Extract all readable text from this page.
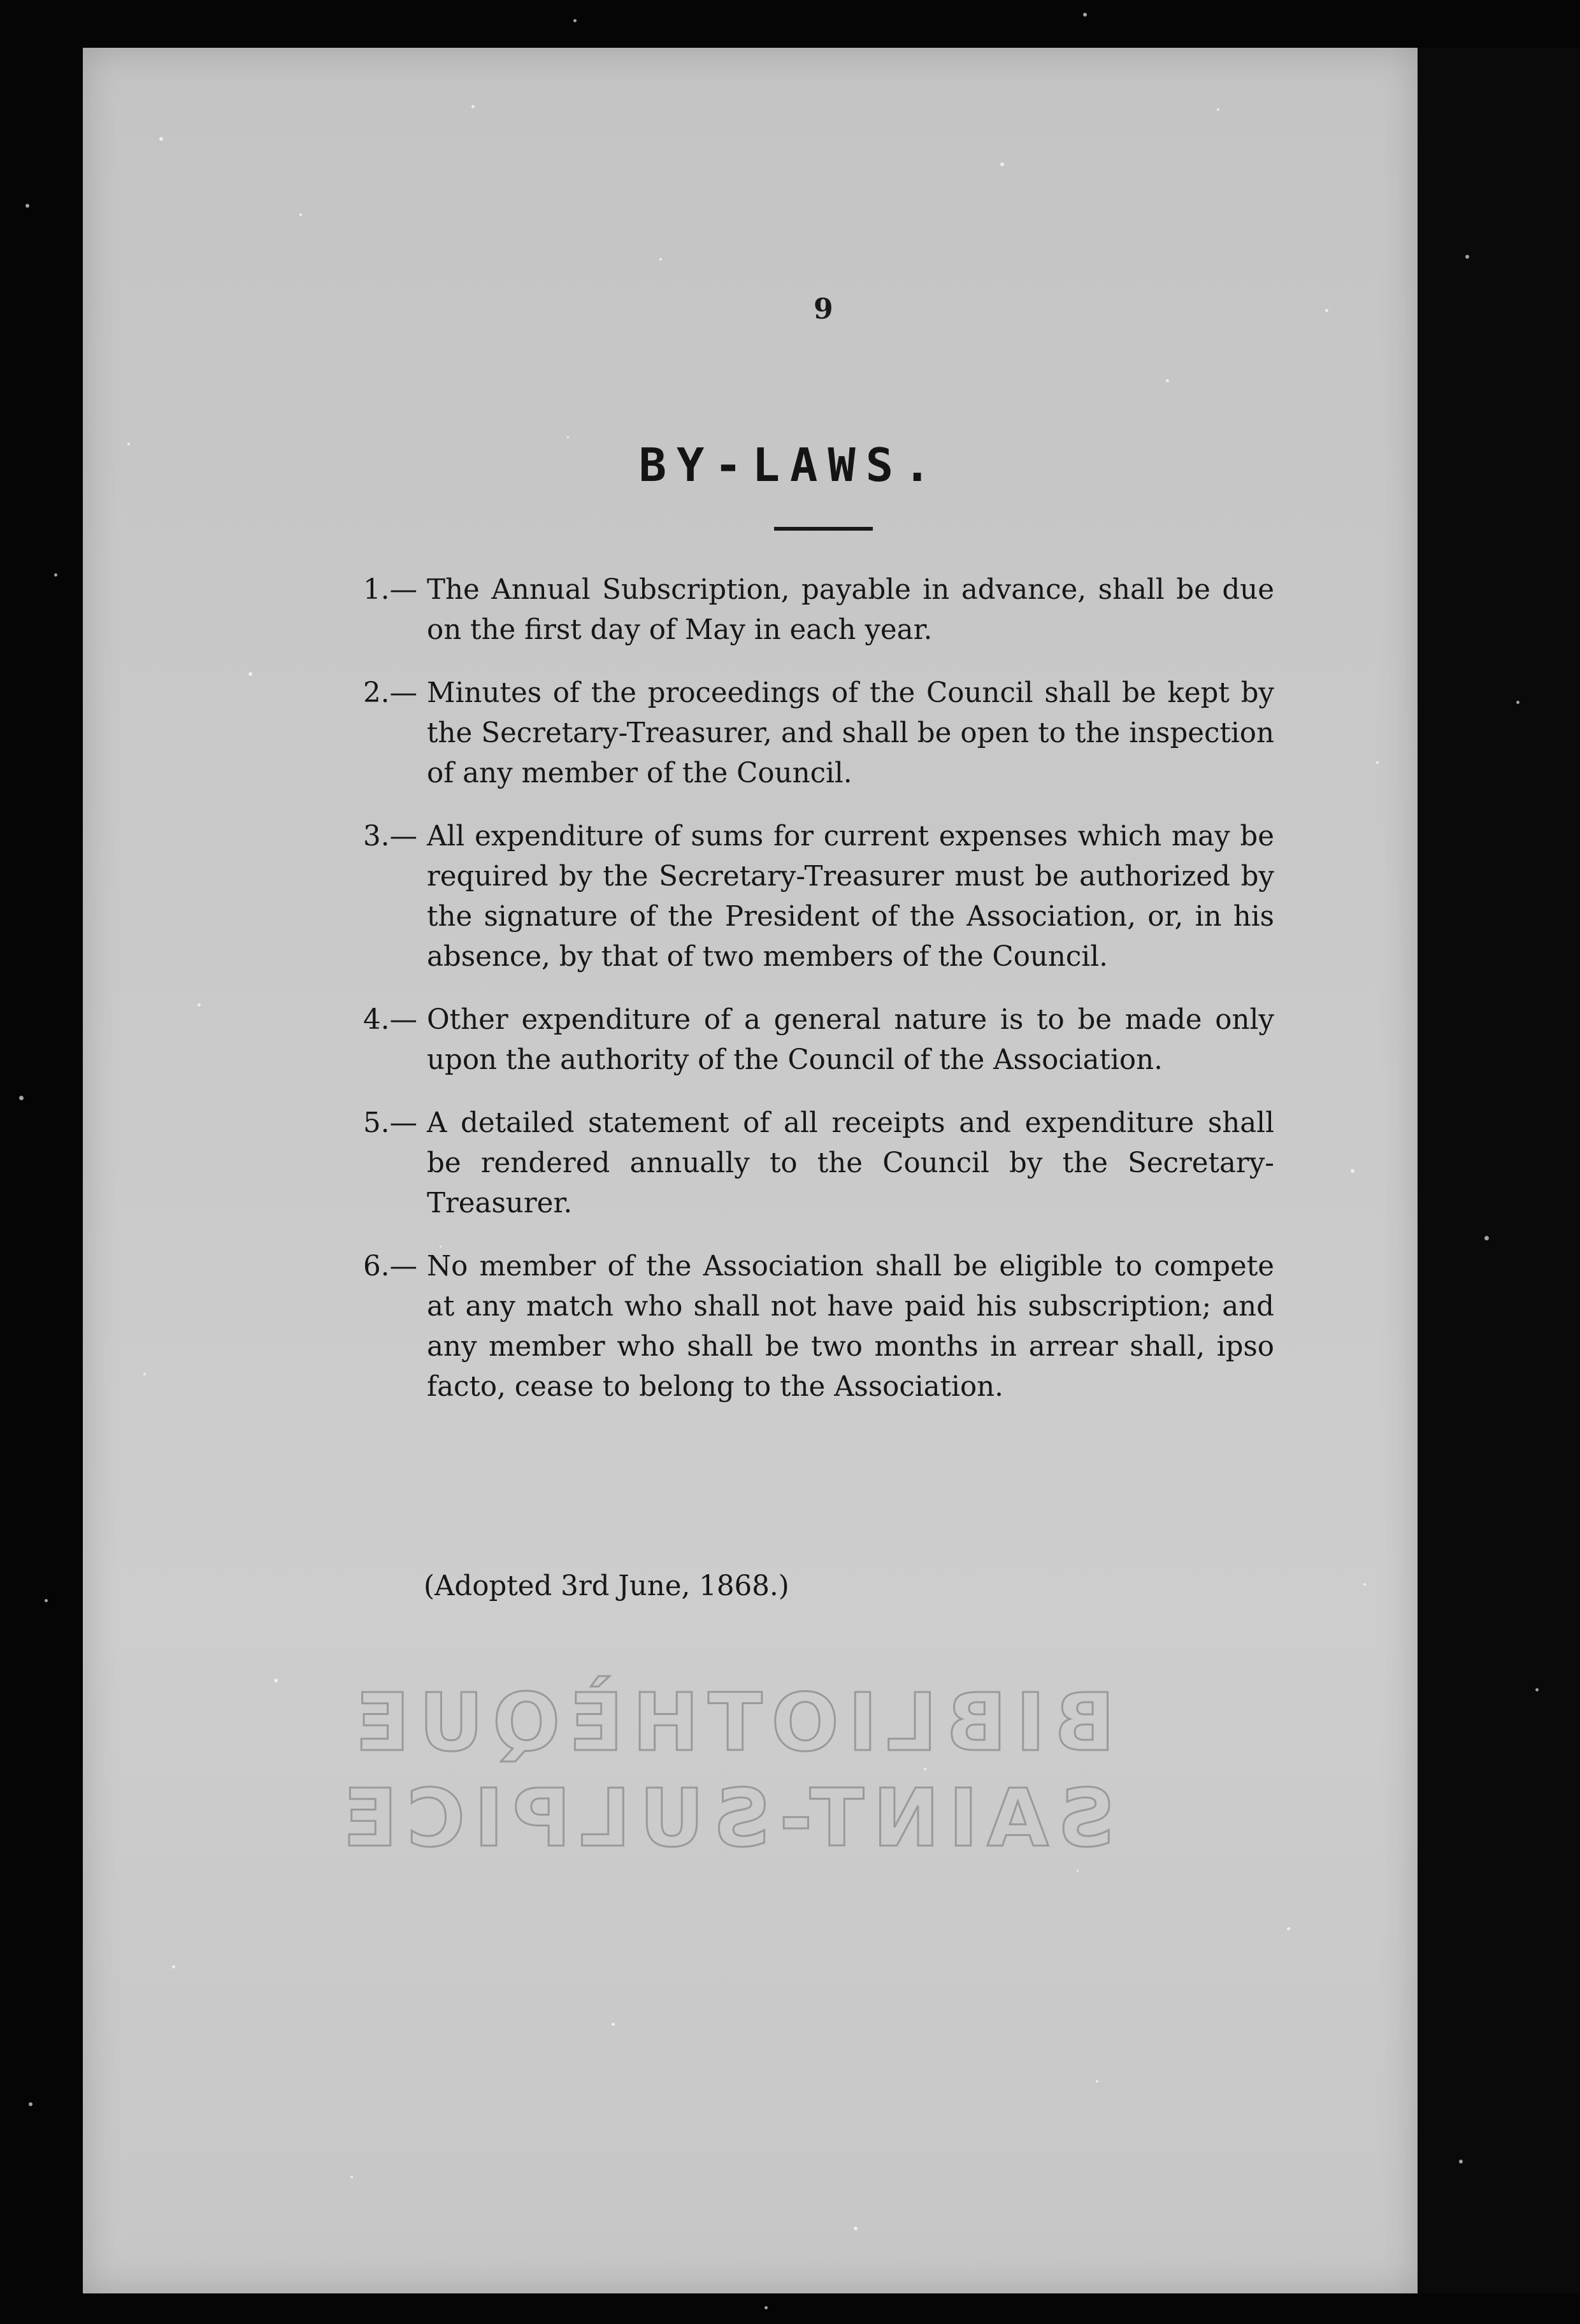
9
BY-LAWS.
1.— The Annual Subscription, payable in advance, shall be due on the first day of May in each year.
2.— Minutes of the proceedings of the Council shall be kept by the Secretary-Treasurer, and shall be open to the inspection of any member of the Council.
3.— All expenditure of sums for current expenses which may be required by the Secretary-Treasurer must be authorized by the signature of the President of the Association, or, in his absence, by that of two members of the Council.
4.— Other expenditure of a general nature is to be made only upon the authority of the Council of the Association.
5.— A detailed statement of all receipts and expenditure shall be rendered annually to the Council by the Secretary-Treasurer.
6.— No member of the Association shall be eligible to compete at any match who shall not have paid his subscription; and any member who shall be two months in arrear shall, ipso facto, cease to belong to the Association.
(Adopted 3rd June, 1868.)
BIBLIOTHÈQUE
SAINT-SULPICE
